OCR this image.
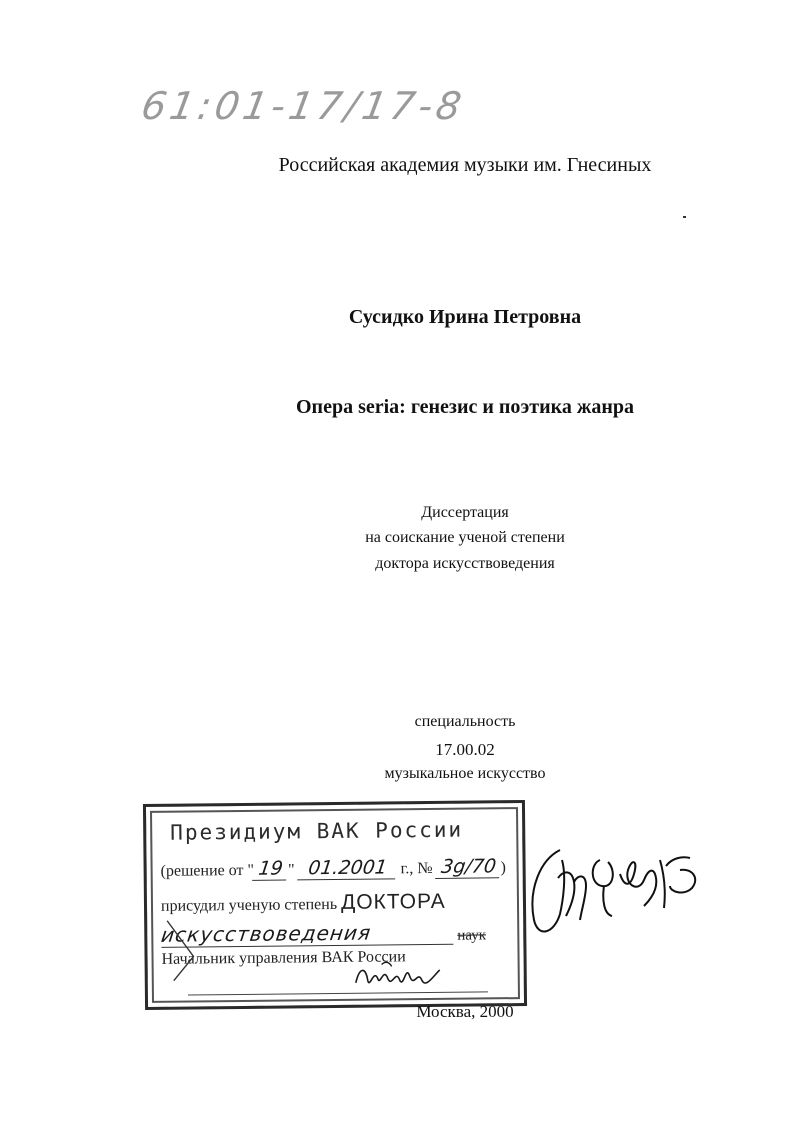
61:01-17/17-8
Российская академия музыки им. Гнесиных
Сусидко Ирина Петровна
Опера seria: генезис и поэтика жанра
Диссертация
на соискание ученой степени
доктора искусствоведения
специальность
17.00.02
музыкальное искусство
Президиум ВАК России
(решение от " 19 " 01.2001 г., № 3g/70 )
присудил ученую степень ДОКТОРА
искусствоведения	наук
Начальник управления ВАК России
Москва, 2000
